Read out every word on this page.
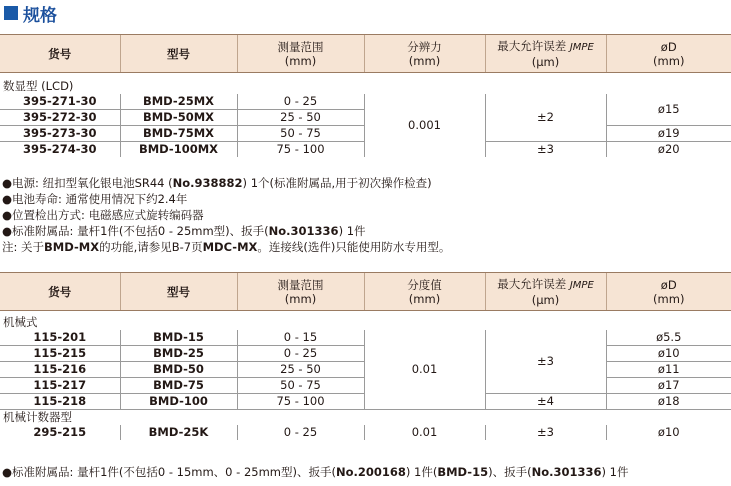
规格
货号	型号	测量范围
(mm)	分辨力
(mm)	最大允许误差 JMPE
(μm)	øD
(mm)

数显型 (LCD)					
395-271-30	BMD-25MX	0 - 25	0.001	±2	ø15
395-272-30	BMD-50MX	25 - 50			
395-273-30	BMD-75MX	50 - 75			ø19
395-274-30	BMD-100MX	75 - 100		±3	ø20
●电源: 纽扣型氧化银电池SR44 (No.938882) 1个(标准附属品,用于初次操作检查)
●电池寿命: 通常使用情况下约2.4年
●位置检出方式: 电磁感应式旋转编码器
●标准附属品: 量杆1件(不包括0 - 25mm型)、扳手(No.301336) 1件
注: 关于BMD-MX的功能,请参见B-7页MDC-MX。连接线(选件)只能使用防水专用型。
货号	型号	测量范围
(mm)	分度值
(mm)	最大允许误差 JMPE
(μm)	øD
(mm)

机械式					
115-201	BMD-15	0 - 15	0.01	±3	ø5.5
115-215	BMD-25	0 - 25			ø10
115-216	BMD-50	25 - 50			ø11
115-217	BMD-75	50 - 75			ø17
115-218	BMD-100	75 - 100		±4	ø18
机械计数器型					
295-215	BMD-25K	0 - 25	0.01	±3	ø10
●标准附属品: 量杆1件(不包括0 - 15mm、0 - 25mm型)、扳手(No.200168) 1件(BMD-15)、扳手(No.301336) 1件
